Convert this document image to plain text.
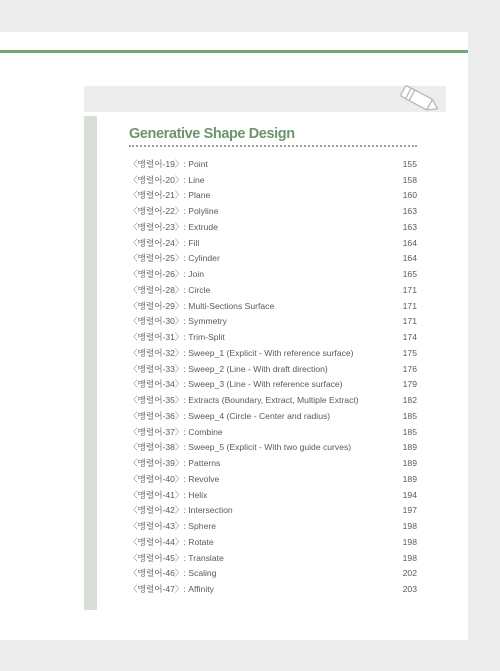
Generative Shape Design
〈맹렬어-19〉: Point	155
〈맹렬어-20〉: Line	158
〈맹렬어-21〉: Plane	160
〈맹렬어-22〉: Polyline	163
〈맹렬어-23〉: Extrude	163
〈맹렬어-24〉: Fill	164
〈맹렬어-25〉: Cylinder	164
〈맹렬어-26〉: Join	165
〈맹렬어-28〉: Circle	171
〈맹렬어-29〉: Multi-Sections Surface	171
〈맹렬어-30〉: Symmetry	171
〈맹렬어-31〉: Trim-Split	174
〈맹렬어-32〉: Sweep_1 (Explicit - With reference surface)	175
〈맹렬어-33〉: Sweep_2 (Line - With draft direction)	176
〈맹렬어-34〉: Sweep_3 (Line - With reference surface)	179
〈맹렬어-35〉: Extracts (Boundary, Extract, Multiple Extract)	182
〈맹렬어-36〉: Sweep_4 (Circle - Center and radius)	185
〈맹렬어-37〉: Combine	185
〈맹렬어-38〉: Sweep_5 (Explicit - With two guide curves)	189
〈맹렬어-39〉: Patterns	189
〈맹렬어-40〉: Revolve	189
〈맹렬어-41〉: Helix	194
〈맹렬어-42〉: Intersection	197
〈맹렬어-43〉: Sphere	198
〈맹렬어-44〉: Rotate	198
〈맹렬어-45〉: Translate	198
〈맹렬어-46〉: Scaling	202
〈맹렬어-47〉: Affinity	203
